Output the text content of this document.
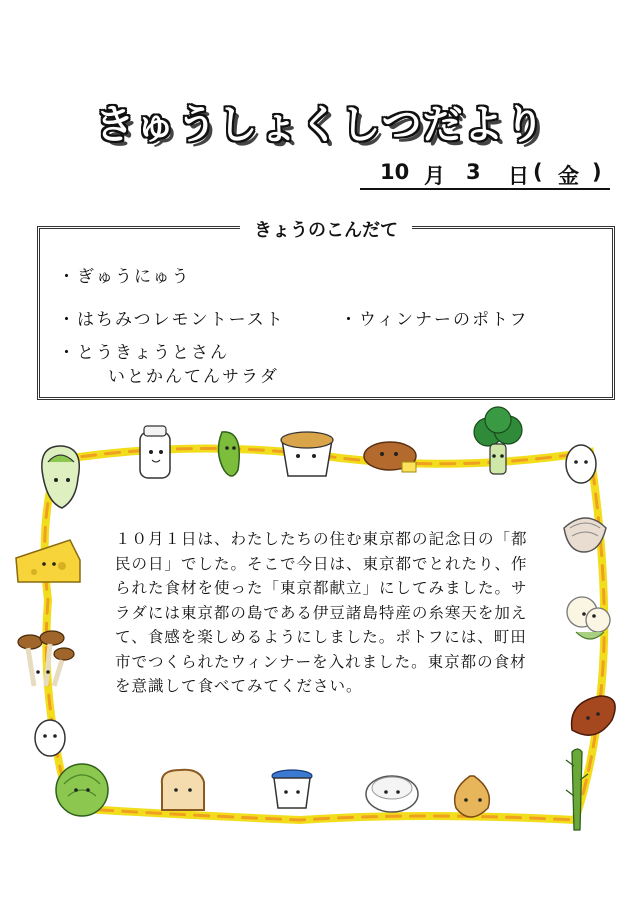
きゅうしょくしつだより
10 月 3 日 ( 金 )
きょうのこんだて
・ぎゅうにゅう
・はちみつレモントースト	・ウィンナーのポトフ
・とうきょうとさん
いとかんてんサラダ
１０月１日は、わたしたちの住む東京都の記念日の「都民の日」でした。そこで今日は、東京都でとれたり、作られた食材を使った「東京都献立」にしてみました。サラダには東京都の島である伊豆諸島特産の糸寒天を加えて、食感を楽しめるようにしました。ポトフには、町田市でつくられたウィンナーを入れました。東京都の食材を意識して食べてみてください。
